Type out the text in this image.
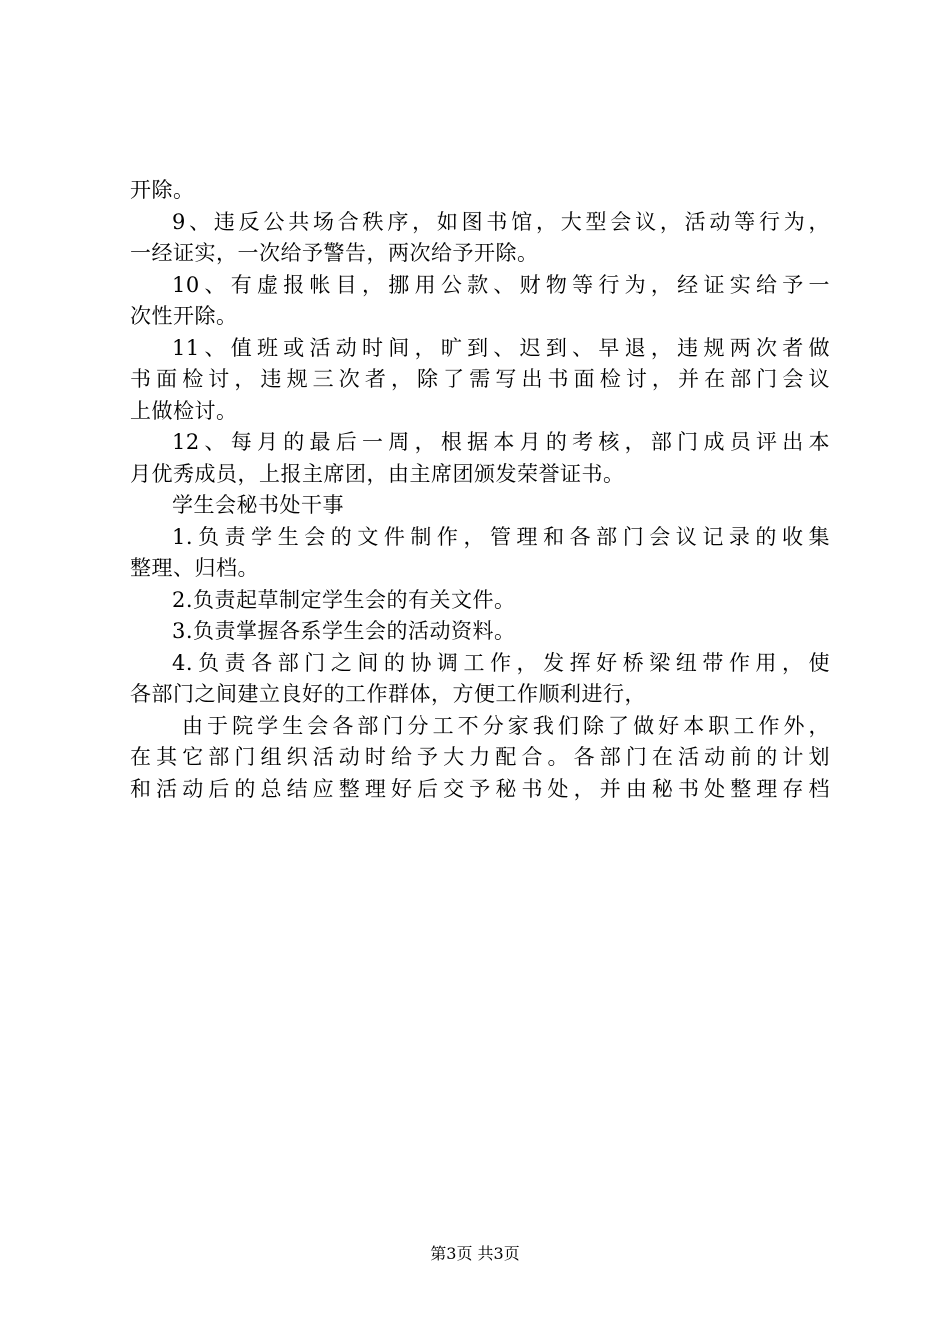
开除。
9、违反公共场合秩序，如图书馆，大型会议，活动等行为，
一经证实，一次给予警告，两次给予开除。
10、有虚报帐目，挪用公款、财物等行为，经证实给予一
次性开除。
11、值班或活动时间，旷到、迟到、早退，违规两次者做
书面检讨，违规三次者，除了需写出书面检讨，并在部门会议
上做检讨。
12、每月的最后一周，根据本月的考核，部门成员评出本
月优秀成员，上报主席团，由主席团颁发荣誉证书。
学生会秘书处干事
1.负责学生会的文件制作，管理和各部门会议记录的收集
整理、归档。
2.负责起草制定学生会的有关文件。
3.负责掌握各系学生会的活动资料。
4.负责各部门之间的协调工作，发挥好桥梁纽带作用，使
各部门之间建立良好的工作群体，方便工作顺利进行，
由于院学生会各部门分工不分家我们除了做好本职工作外，
在其它部门组织活动时给予大力配合。各部门在活动前的计划
和活动后的总结应整理好后交予秘书处，并由秘书处整理存档
第3页 共3页
